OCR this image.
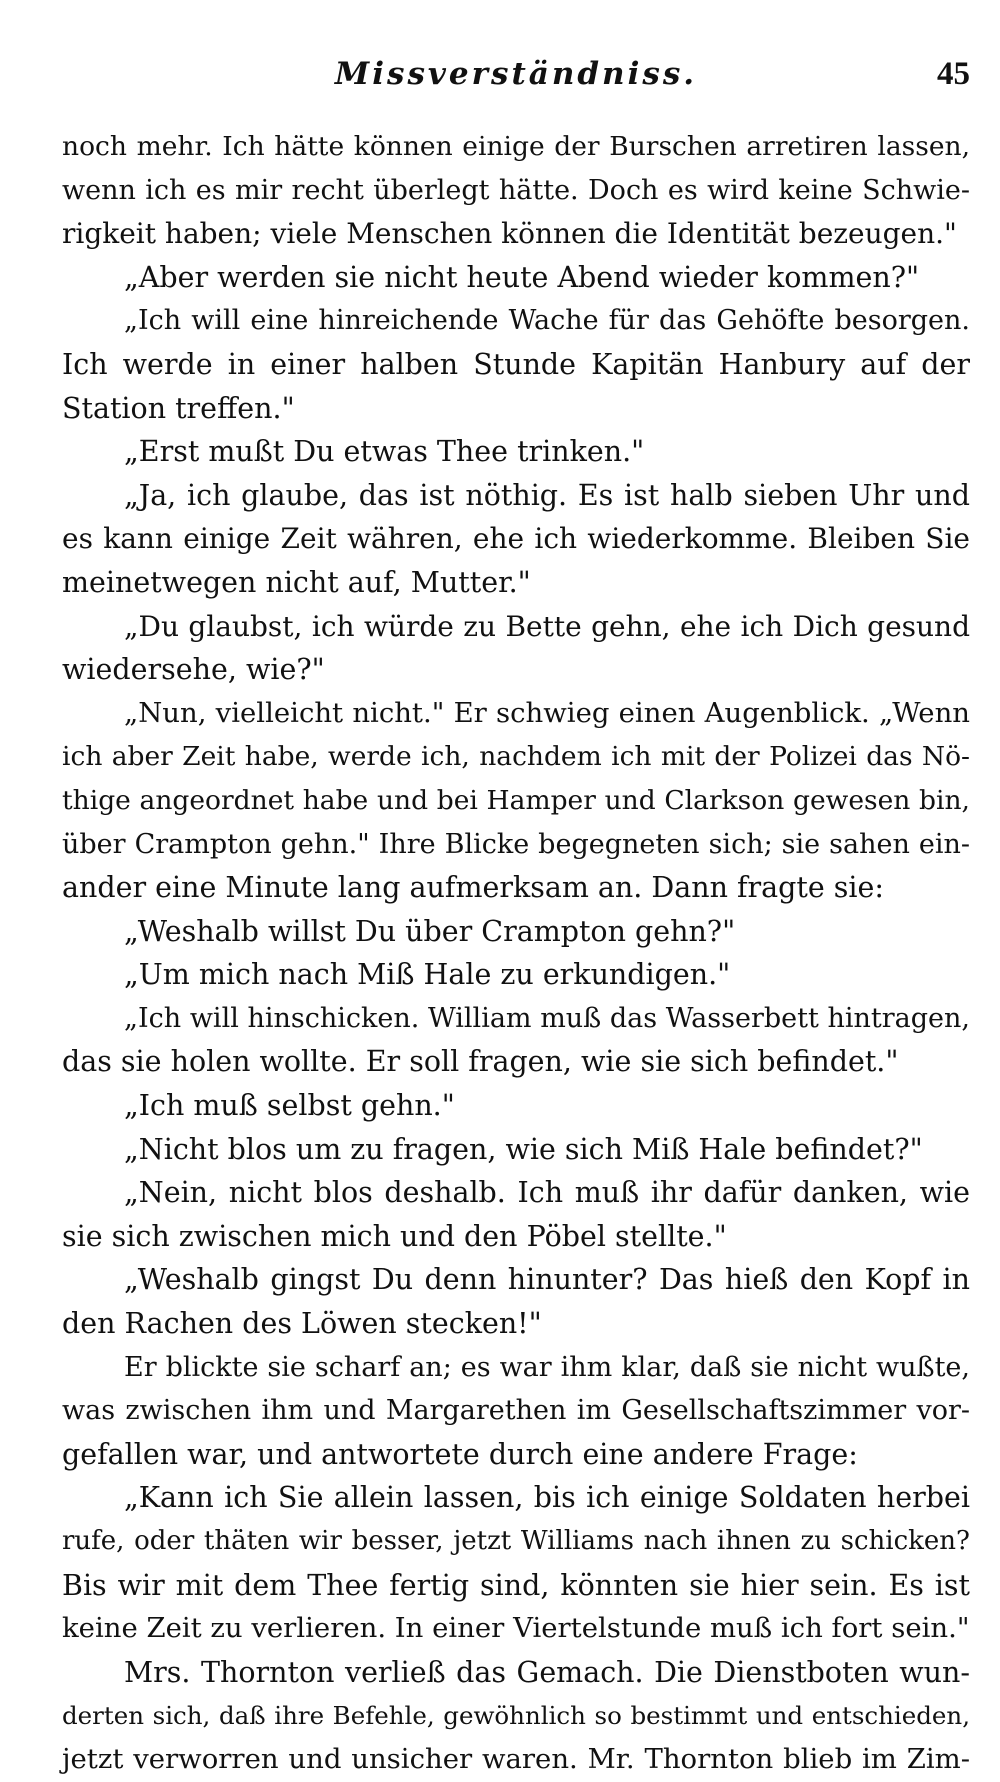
Missverständniss.	45
noch mehr. Ich hätte können einige der Burschen arretiren lassen,
wenn ich es mir recht überlegt hätte. Doch es wird keine Schwie-
rigkeit haben; viele Menschen können die Identität bezeugen."
„Aber werden sie nicht heute Abend wieder kommen?"
„Ich will eine hinreichende Wache für das Gehöfte besorgen.
Ich werde in einer halben Stunde Kapitän Hanbury auf der
Station treffen."
„Erst mußt Du etwas Thee trinken."
„Ja, ich glaube, das ist nöthig. Es ist halb sieben Uhr und
es kann einige Zeit währen, ehe ich wiederkomme. Bleiben Sie
meinetwegen nicht auf, Mutter."
„Du glaubst, ich würde zu Bette gehn, ehe ich Dich gesund
wiedersehe, wie?"
„Nun, vielleicht nicht." Er schwieg einen Augenblick. „Wenn
ich aber Zeit habe, werde ich, nachdem ich mit der Polizei das Nö-
thige angeordnet habe und bei Hamper und Clarkson gewesen bin,
über Crampton gehn." Ihre Blicke begegneten sich; sie sahen ein-
ander eine Minute lang aufmerksam an. Dann fragte sie:
„Weshalb willst Du über Crampton gehn?"
„Um mich nach Miß Hale zu erkundigen."
„Ich will hinschicken. William muß das Wasserbett hintragen,
das sie holen wollte. Er soll fragen, wie sie sich befindet."
„Ich muß selbst gehn."
„Nicht blos um zu fragen, wie sich Miß Hale befindet?"
„Nein, nicht blos deshalb. Ich muß ihr dafür danken, wie
sie sich zwischen mich und den Pöbel stellte."
„Weshalb gingst Du denn hinunter? Das hieß den Kopf in
den Rachen des Löwen stecken!"
Er blickte sie scharf an; es war ihm klar, daß sie nicht wußte,
was zwischen ihm und Margarethen im Gesellschaftszimmer vor-
gefallen war, und antwortete durch eine andere Frage:
„Kann ich Sie allein lassen, bis ich einige Soldaten herbei
rufe, oder thäten wir besser, jetzt Williams nach ihnen zu schicken?
Bis wir mit dem Thee fertig sind, könnten sie hier sein. Es ist
keine Zeit zu verlieren. In einer Viertelstunde muß ich fort sein."
Mrs. Thornton verließ das Gemach. Die Dienstboten wun-
derten sich, daß ihre Befehle, gewöhnlich so bestimmt und entschieden,
jetzt verworren und unsicher waren. Mr. Thornton blieb im Zim-
